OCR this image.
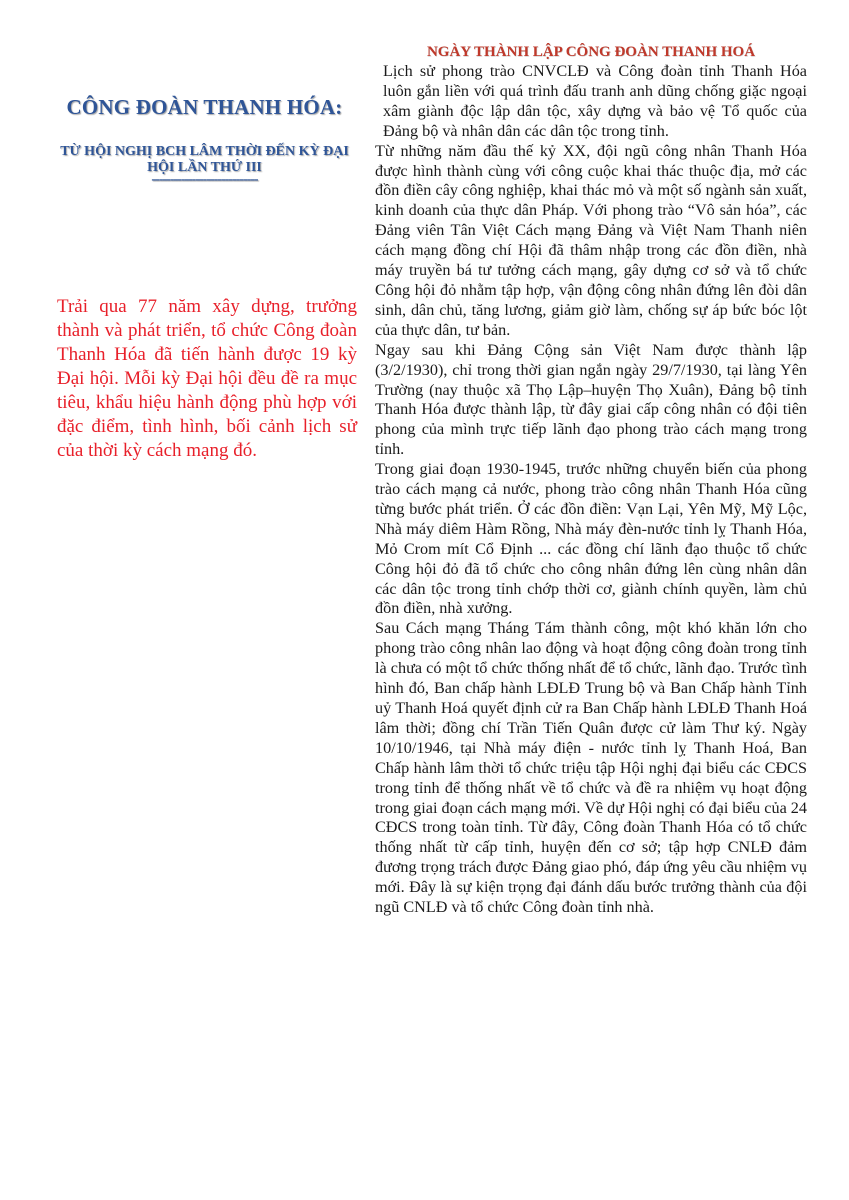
CÔNG ĐOÀN THANH HÓA:
TỪ HỘI NGHỊ BCH LÂM THỜI ĐẾN KỲ ĐẠI HỘI LẦN THỨ III
-----------------------------
Trải qua 77 năm xây dựng, trưởng thành và phát triển, tổ chức Công đoàn Thanh Hóa đã tiến hành được 19 kỳ Đại hội. Mỗi kỳ Đại hội đều đề ra mục tiêu, khẩu hiệu hành động phù hợp với đặc điểm, tình hình, bối cảnh lịch sử của thời kỳ cách mạng đó.
NGÀY THÀNH LẬP CÔNG ĐOÀN THANH HOÁ

Lịch sử phong trào CNVCLĐ và Công đoàn tỉnh Thanh Hóa luôn gắn liền với quá trình đấu tranh anh dũng chống giặc ngoại xâm giành độc lập dân tộc, xây dựng và bảo vệ Tổ quốc của Đảng bộ và nhân dân các dân tộc trong tỉnh.

Từ những năm đầu thế kỷ XX, đội ngũ công nhân Thanh Hóa được hình thành cùng với công cuộc khai thác thuộc địa, mở các đồn điền cây công nghiệp, khai thác mỏ và một số ngành sản xuất, kinh doanh của thực dân Pháp. Với phong trào “Vô sản hóa”, các Đảng viên Tân Việt Cách mạng Đảng và Việt Nam Thanh niên cách mạng đồng chí Hội đã thâm nhập trong các đồn điền, nhà máy truyền bá tư tưởng cách mạng, gây dựng cơ sở và tổ chức Công hội đỏ nhằm tập hợp, vận động công nhân đứng lên đòi dân sinh, dân chủ, tăng lương, giảm giờ làm, chống sự áp bức bóc lột của thực dân, tư bản.

Ngay sau khi Đảng Cộng sản Việt Nam được thành lập (3/2/1930), chỉ trong thời gian ngắn ngày 29/7/1930, tại làng Yên Trường (nay thuộc xã Thọ Lập–huyện Thọ Xuân), Đảng bộ tỉnh Thanh Hóa được thành lập, từ đây giai cấp công nhân có đội tiên phong của mình trực tiếp lãnh đạo phong trào cách mạng trong tỉnh.

Trong giai đoạn 1930-1945, trước những chuyển biến của phong trào cách mạng cả nước, phong trào công nhân Thanh Hóa cũng từng bước phát triển. Ở các đồn điền: Vạn Lại, Yên Mỹ, Mỹ Lộc, Nhà máy diêm Hàm Rồng, Nhà máy đèn-nước tỉnh lỵ Thanh Hóa, Mỏ Crom mít Cổ Định ... các đồng chí lãnh đạo thuộc tổ chức Công hội đỏ đã tổ chức cho công nhân đứng lên cùng nhân dân các dân tộc trong tỉnh chớp thời cơ, giành chính quyền, làm chủ đồn điền, nhà xưởng.

Sau Cách mạng Tháng Tám thành công, một khó khăn lớn cho phong trào công nhân lao động và hoạt động công đoàn trong tỉnh là chưa có một tổ chức thống nhất để tổ chức, lãnh đạo. Trước tình hình đó, Ban chấp hành LĐLĐ Trung bộ và Ban Chấp hành Tỉnh uỷ Thanh Hoá quyết định cử ra Ban Chấp hành LĐLĐ Thanh Hoá lâm thời; đồng chí Trần Tiến Quân được cử làm Thư ký. Ngày 10/10/1946, tại Nhà máy điện - nước tỉnh lỵ Thanh Hoá, Ban Chấp hành lâm thời tổ chức triệu tập Hội nghị đại biểu các CĐCS trong tỉnh để thống nhất về tổ chức và đề ra nhiệm vụ hoạt động trong giai đoạn cách mạng mới. Về dự Hội nghị có đại biểu của 24 CĐCS trong toàn tỉnh. Từ đây, Công đoàn Thanh Hóa có tổ chức thống nhất từ cấp tỉnh, huyện đến cơ sở; tập hợp CNLĐ đảm đương trọng trách được Đảng giao phó, đáp ứng yêu cầu nhiệm vụ mới. Đây là sự kiện trọng đại đánh dấu bước trưởng thành của đội ngũ CNLĐ và tổ chức Công đoàn tỉnh nhà.
